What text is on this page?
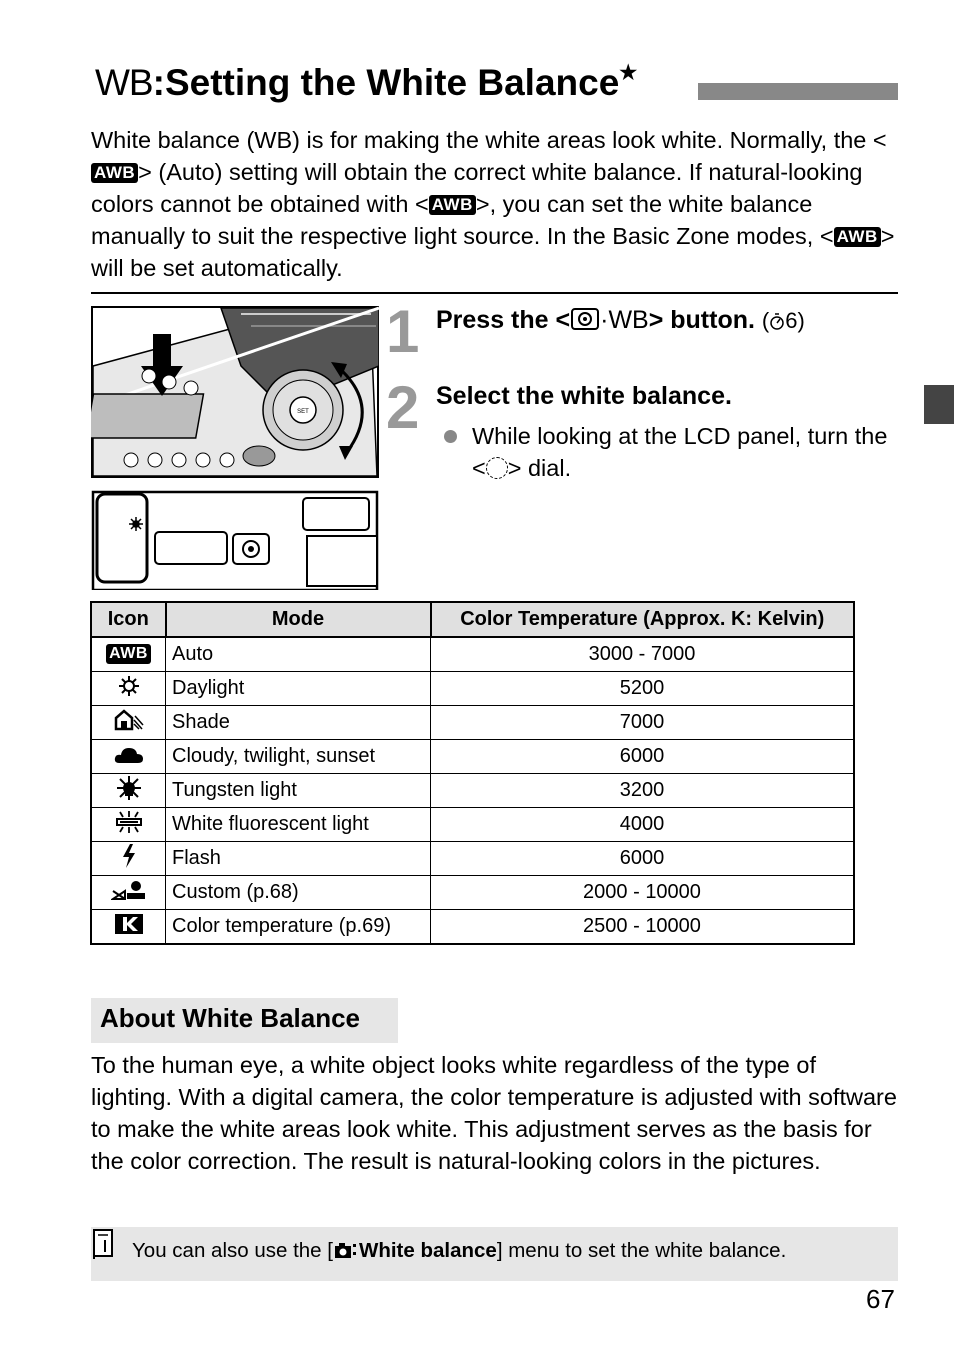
WB:Setting the White Balance★
White balance (WB) is for making the white areas look white. Normally, the <AWB > (Auto) setting will obtain the correct white balance. If natural-looking colors cannot be obtained with < AWB >, you can set the white balance manually to suit the respective light source. In the Basic Zone modes, < AWB > will be set automatically.
SET
1 Press the < ·WB> button. ( 6)
2 Select the white balance.
While looking at the LCD panel, turn the < > dial.
Icon	Mode	Color Temperature (Approx. K: Kelvin)
AWB	Auto	3000 - 7000
	Daylight	5200
	Shade	7000
	Cloudy, twilight, sunset	6000
	Tungsten light	3200
	White fluorescent light	4000
	Flash	6000
	Custom (p.68)	2000 - 10000
	Color temperature (p.69)	2500 - 10000
About White Balance
To the human eye, a white object looks white regardless of the type of lighting. With a digital camera, the color temperature is adjusted with software to make the white areas look white. This adjustment serves as the basis for the color correction. The result is natural-looking colors in the pictures.
You can also use the [ White balance] menu to set the white balance.
67
